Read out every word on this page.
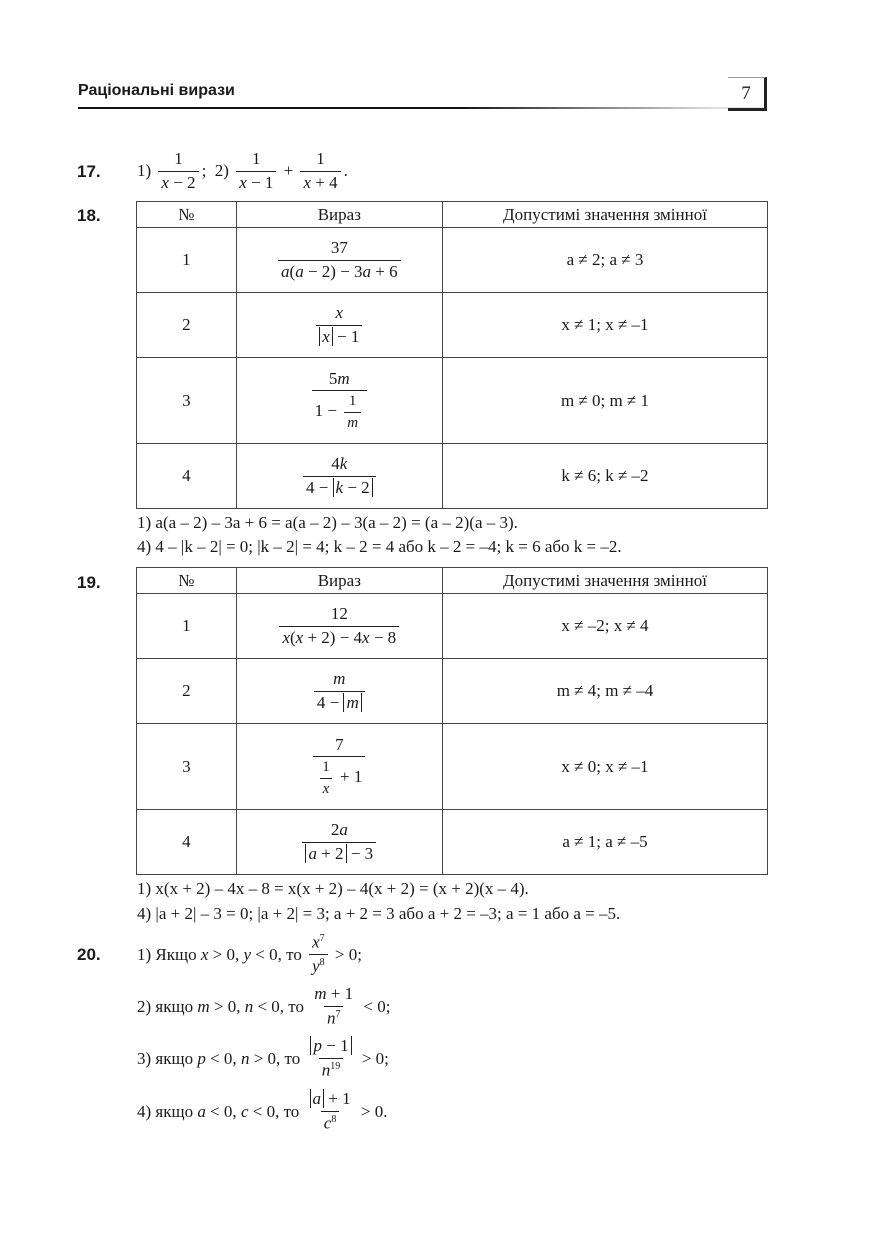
Раціональні вирази	7
17. $1) \frac{1}{x - 2}$ ;  $2) \frac{1}{x - 1} + \frac{1}{x + 4}$ .
18.	№	Вираз	Допустимі значення змінної
1	$\frac{37}{a(a - 2) - 3a + 6}$	a ≠ 2; a ≠ 3
2	$\frac{x}{x - 1}$	x ≠ 1; x ≠ –1
3	$\frac{5m}{1 - \frac{1}{m}}$	m ≠ 0; m ≠ 1
4	$\frac{4k}{4 - k - 2}$	k ≠ 6; k ≠ –2
1) a(a – 2) – 3a + 6 = a(a – 2) – 3(a – 2) = (a – 2)(a – 3).
4) 4 – |k – 2| = 0; |k – 2| = 4; k – 2 = 4 або k – 2 = –4; k = 6 або k = –2.
19.	№	Вираз	Допустимі значення змінної
1	$\frac{12}{x(x + 2) - 4x - 8}$	x ≠ –2; x ≠ 4
2	$\frac{m}{4 - m}$	m ≠ 4; m ≠ –4
3	$\frac{7}{\frac{1}{x} + 1}$	x ≠ 0; x ≠ –1
4	$\frac{2a}{a + 2 - 3}$	a ≠ 1; a ≠ –5
1) x(x + 2) – 4x – 8 = x(x + 2) – 4(x + 2) = (x + 2)(x – 4).
4) |a + 2| – 3 = 0; |a + 2| = 3; a + 2 = 3 або a + 2 = –3; a = 1 або a = –5.
20. 1) Якщо x > 0, y < 0, то $\frac{x^7}{y^8} > 0$;
2) якщо m > 0, n < 0, то $\frac{m + 1}{n^7} < 0$;
3) якщо p < 0, n > 0, то $\frac{p - 1}{n^{19}} > 0$;
4) якщо a < 0, c < 0, то $\frac{a + 1}{c^8} > 0$.
